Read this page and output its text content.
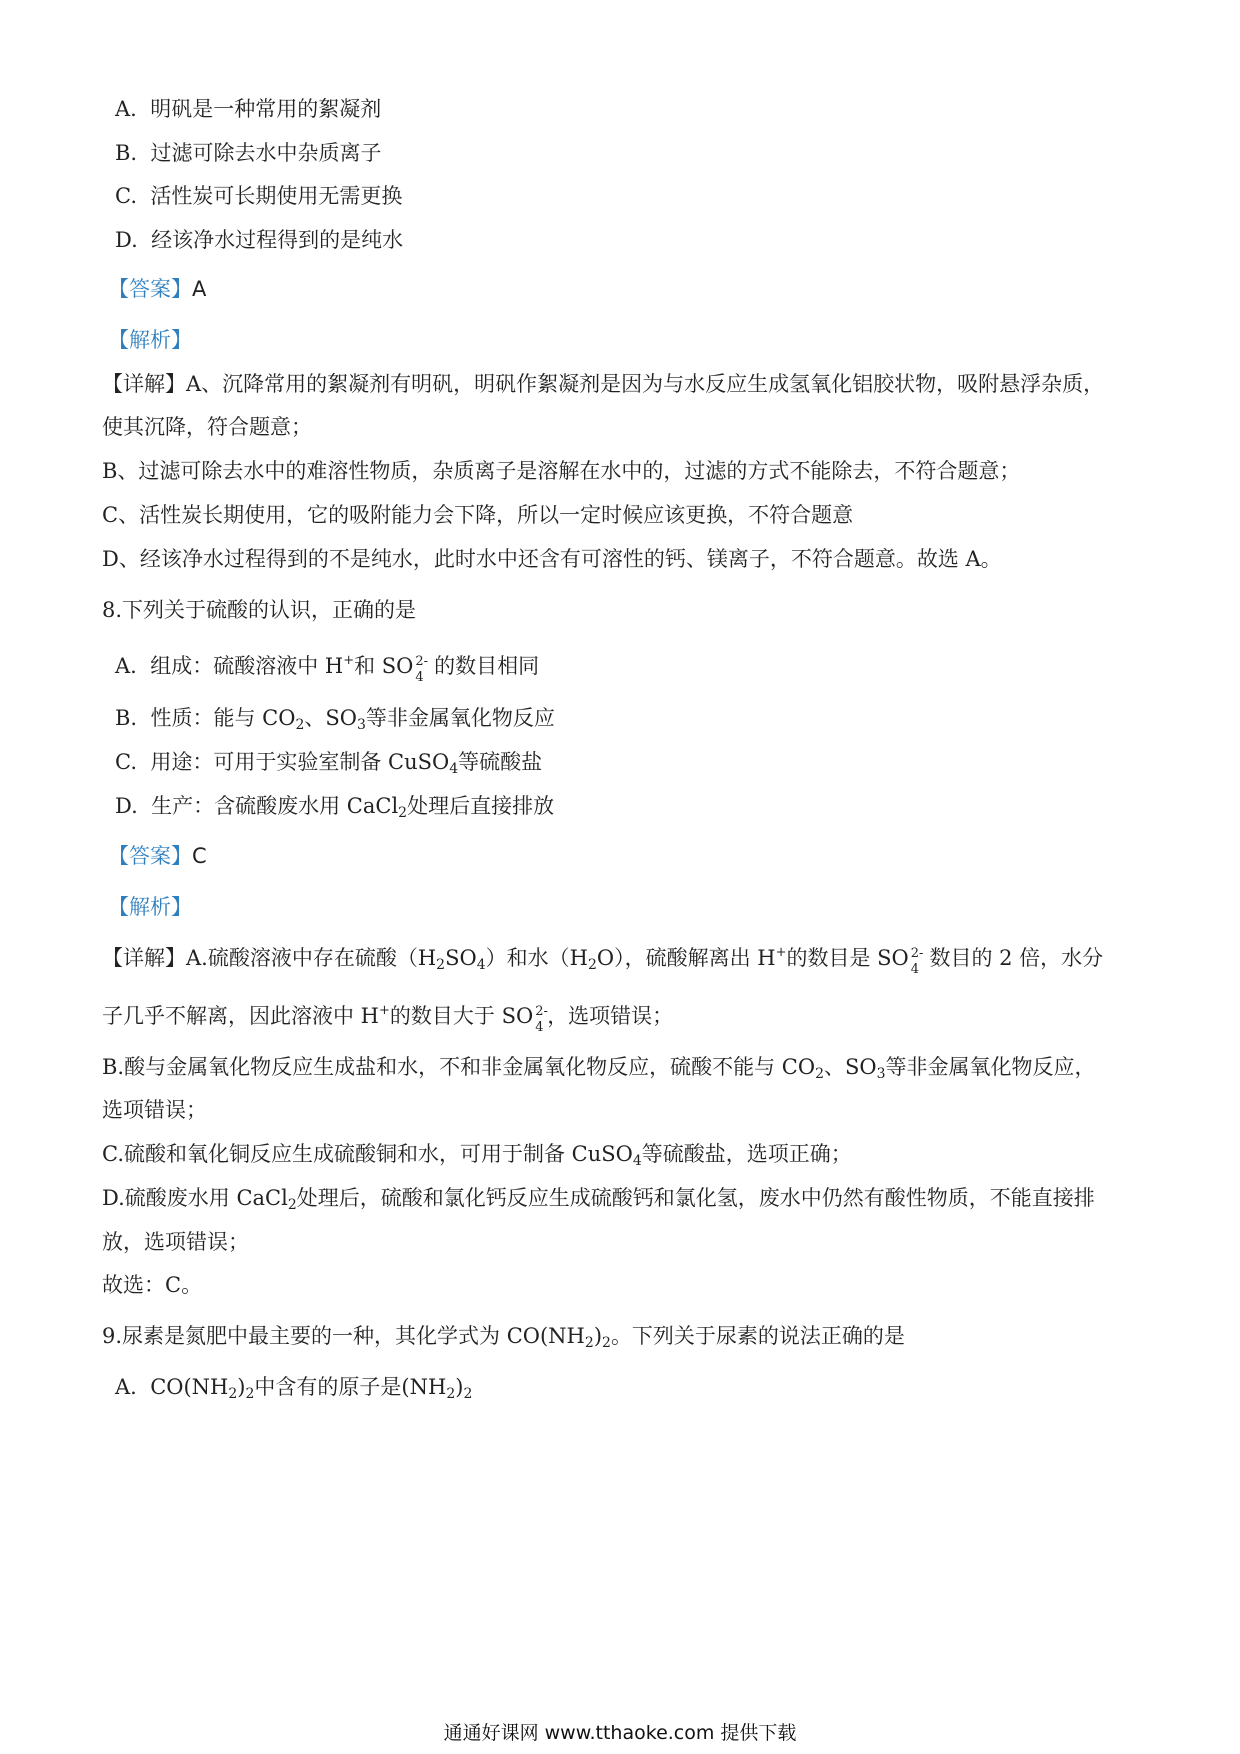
A. 明矾是一种常用的絮凝剂
B. 过滤可除去水中杂质离子
C. 活性炭可长期使用无需更换
D. 经该净水过程得到的是纯水
【答案】A
【解析】
【详解】A、沉降常用的絮凝剂有明矾，明矾作絮凝剂是因为与水反应生成氢氧化铝胶状物，吸附悬浮杂质，
使其沉降，符合题意；
B、过滤可除去水中的难溶性物质，杂质离子是溶解在水中的，过滤的方式不能除去，不符合题意；
C、活性炭长期使用，它的吸附能力会下降，所以一定时候应该更换，不符合题意
D、经该净水过程得到的不是纯水，此时水中还含有可溶性的钙、镁离子，不符合题意。故选 A。
8.下列关于硫酸的认识，正确的是
A. 组成：硫酸溶液中 H+和 SO 2-
4 的数目相同
B. 性质：能与 $CO_2$、$SO_3$等非金属氧化物反应
C. 用途：可用于实验室制备 CuSO$_4$等硫酸盐
D. 生产：含硫酸废水用 CaCl$_2$处理后直接排放
【答案】C
【解析】
【详解】A.硫酸溶液中存在硫酸$(H_2SO_4)$和水$(H_2O)$，硫酸解离出 H+的数目是 SO 2-
4 数目的 2 倍，水分
子几乎不解离，因此溶液中 H+的数目大于 SO 2-
4 ，选项错误；
B.酸与金属氧化物反应生成盐和水，不和非金属氧化物反应，硫酸不能与 $CO_2$、$SO_3$等非金属氧化物反应，
选项错误；
C.硫酸和氧化铜反应生成硫酸铜和水，可用于制备 CuSO$_4$等硫酸盐，选项正确；
D.硫酸废水用 CaCl$_2$处理后，硫酸和氯化钙反应生成硫酸钙和氯化氢，废水中仍然有酸性物质，不能直接排
放，选项错误；
故选：C。
9.尿素是氮肥中最主要的一种，其化学式为 $CO(NH_2)_2$。下列关于尿素的说法正确的是
A. $CO(NH_2)_2$中含有的原子是$(NH_2)_2$
通通好课网 www.tthaoke.com 提供下载
